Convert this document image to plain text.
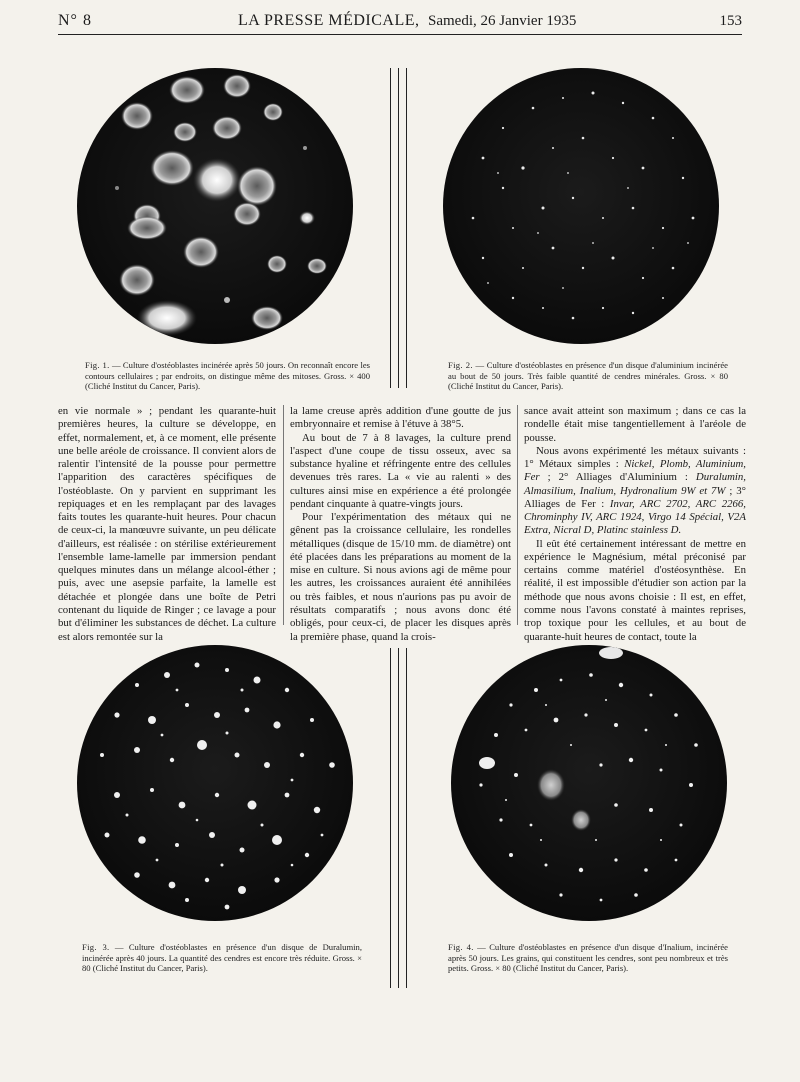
N° 8	LA PRESSE MÉDICALE, Samedi, 26 Janvier 1935	153
Fig. 1. — Culture d'ostéoblastes incinérée après 50 jours. On reconnaît encore les contours cellulaires ; par endroits, on distingue même des mitoses. Gross. × 400 (Cliché Institut du Cancer, Paris).
Fig. 2. — Culture d'ostéoblastes en présence d'un disque d'aluminium incinérée au bout de 50 jours. Très faible quantité de cendres minérales. Gross. × 80 (Cliché Institut du Cancer, Paris).

en vie normale » ; pendant les quarante-huit premières heures, la culture se développe, en effet, normalement, et, à ce moment, elle présente une belle aréole de croissance. Il convient alors de ralentir l'intensité de la pousse pour permettre l'apparition des caractères spécifiques de l'ostéoblaste. On y parvient en supprimant les repiquages et en les remplaçant par des lavages faits toutes les quarante-huit heures. Pour chacun de ceux-ci, la manœuvre suivante, un peu délicate d'ailleurs, est réalisée : on stérilise extérieurement l'ensemble lame-lamelle par immersion pendant quelques minutes dans un mélange alcool-éther ; puis, avec une asepsie parfaite, la lamelle est détachée et plongée dans une boîte de Petri contenant du liquide de Ringer ; ce lavage a pour but d'éliminer les substances de déchet. La culture est alors remontée sur la

la lame creuse après addition d'une goutte de jus embryonnaire et remise à l'étuve à 38°5.

Au bout de 7 à 8 lavages, la culture prend l'aspect d'une coupe de tissu osseux, avec sa substance hyaline et réfringente entre des cellules devenues très rares. La « vie au ralenti » des cultures ainsi mise en expérience a été prolongée pendant cinquante à quatre-vingts jours.

Pour l'expérimentation des métaux qui ne gênent pas la croissance cellulaire, les rondelles métalliques (disque de 15/10 mm. de diamètre) ont été placées dans les préparations au moment de la mise en culture. Si nous avions agi de même pour les autres, les croissances auraient été annihilées ou très faibles, et nous n'aurions pas pu avoir de résultats comparatifs ; nous avons donc été obligés, pour ceux-ci, de placer les disques après la première phase, quand la crois-

sance avait atteint son maximum ; dans ce cas la rondelle était mise tangentiellement à l'aréole de pousse.

Nous avons expérimenté les métaux suivants : 1° Métaux simples : Nickel, Plomb, Aluminium, Fer ; 2° Alliages d'Aluminium : Duralumin, Almasilium, Inalium, Hydronalium 9W et 7W ; 3° Alliages de Fer : Invar, ARC 2702, ARC 2266, Chrominphy IV, ARC 1924, Virgo 14 Spécial, V2A Extra, Nicral D, Platinc stainless D.

Il eût été certainement intéressant de mettre en expérience le Magnésium, métal préconisé par certains comme matériel d'ostéosynthèse. En réalité, il est impossible d'étudier son action par la méthode que nous avons choisie : Il est, en effet, comme nous l'avons constaté à maintes reprises, trop toxique pour les cellules, et au bout de quarante-huit heures de contact, toute la

Fig. 3. — Culture d'ostéoblastes en présence d'un disque de Duralumin, incinérée après 40 jours. La quantité des cendres est encore très réduite. Gross. × 80 (Cliché Institut du Cancer, Paris).
Fig. 4. — Culture d'ostéoblastes en présence d'un disque d'Inalium, incinérée après 50 jours. Les grains, qui constituent les cendres, sont peu nombreux et très petits. Gross. × 80 (Cliché Institut du Cancer, Paris).
